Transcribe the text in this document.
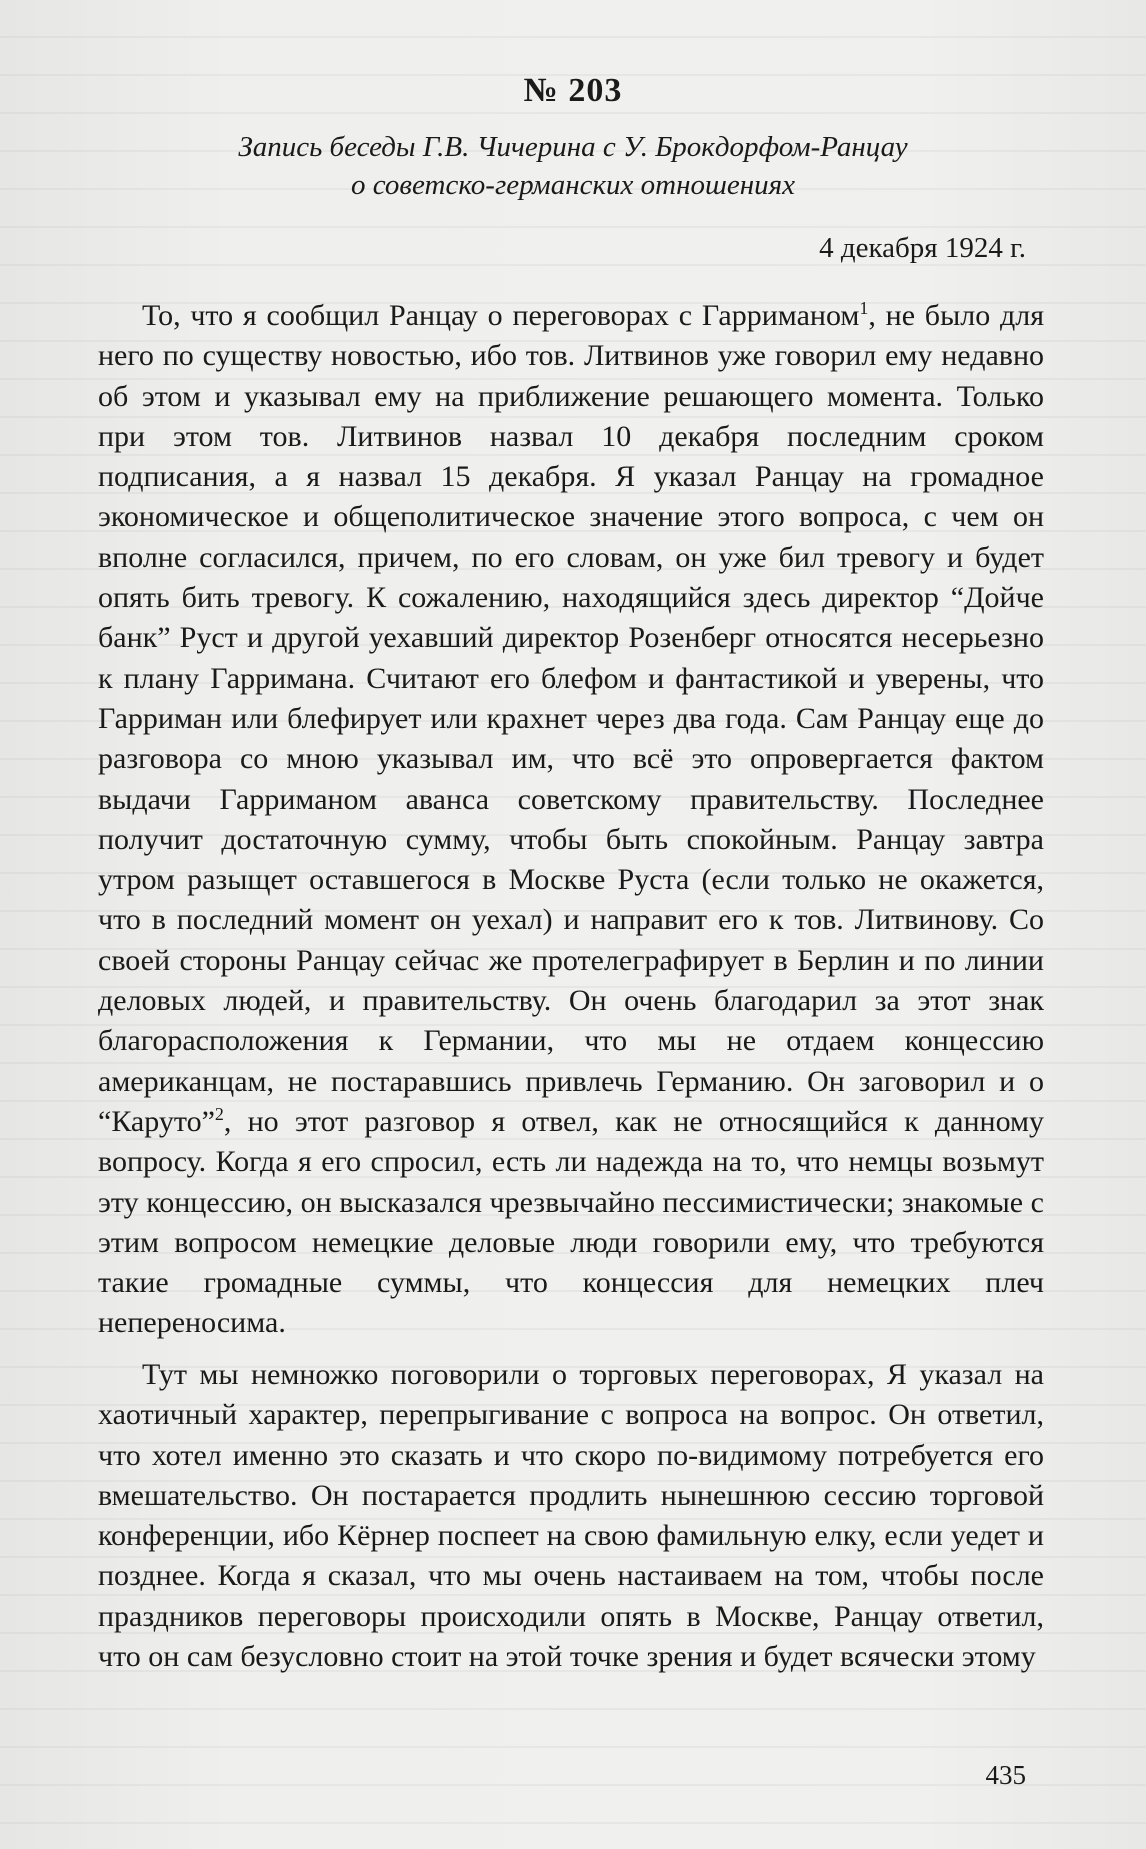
№ 203
Запись беседы Г.В. Чичерина с У. Брокдорфом-Ранцау
о советско-германских отношениях
4 декабря 1924 г.

То, что я сообщил Ранцау о переговорах с Гарриманом$^1$, не было для него по существу новостью, ибо тов. Литвинов уже говорил ему недавно об этом и указывал ему на приближение решающего момента. Только при этом тов. Литвинов назвал 10 декабря последним сроком подписания, а я назвал 15 декабря. Я указал Ранцау на громадное экономическое и общеполитическое значение этого вопроса, с чем он вполне согласился, причем, по его словам, он уже бил тревогу и будет опять бить тревогу. К сожалению, находящийся здесь директор “Дойче банк” Руст и другой уехавший директор Розенберг относятся несерьезно к плану Гарримана. Считают его блефом и фантастикой и уверены, что Гарриман или блефирует или крахнет через два года. Сам Ранцау еще до разговора со мною указывал им, что всё это опровергается фактом выдачи Гарриманом аванса советскому правительству. Последнее получит достаточную сумму, чтобы быть спокойным. Ранцау завтра утром разыщет оставшегося в Москве Руста (если только не окажется, что в последний момент он уехал) и направит его к тов. Литвинову. Со своей стороны Ранцау сейчас же протелеграфирует в Берлин и по линии деловых людей, и правительству. Он очень благодарил за этот знак благорасположения к Германии, что мы не отдаем концессию американцам, не постаравшись привлечь Германию. Он заговорил и о “Каруто”$^2$, но этот разговор я отвел, как не относящийся к данному вопросу. Когда я его спросил, есть ли надежда на то, что немцы возьмут эту концессию, он высказался чрезвычайно пессимистически; знакомые с этим вопросом немецкие деловые люди говорили ему, что требуются такие громадные суммы, что концессия для немецких плеч непереносима.

Тут мы немножко поговорили о торговых переговорах, Я указал на хаотичный характер, перепрыгивание с вопроса на вопрос. Он ответил, что хотел именно это сказать и что скоро по-видимому потребуется его вмешательство. Он постарается продлить нынешнюю сессию торговой конференции, ибо Кёрнер поспеет на свою фамильную елку, если уедет и позднее. Когда я сказал, что мы очень настаиваем на том, чтобы после праздников переговоры происходили опять в Москве, Ранцау ответил, что он сам безусловно стоит на этой точке зрения и будет всячески этому

435
